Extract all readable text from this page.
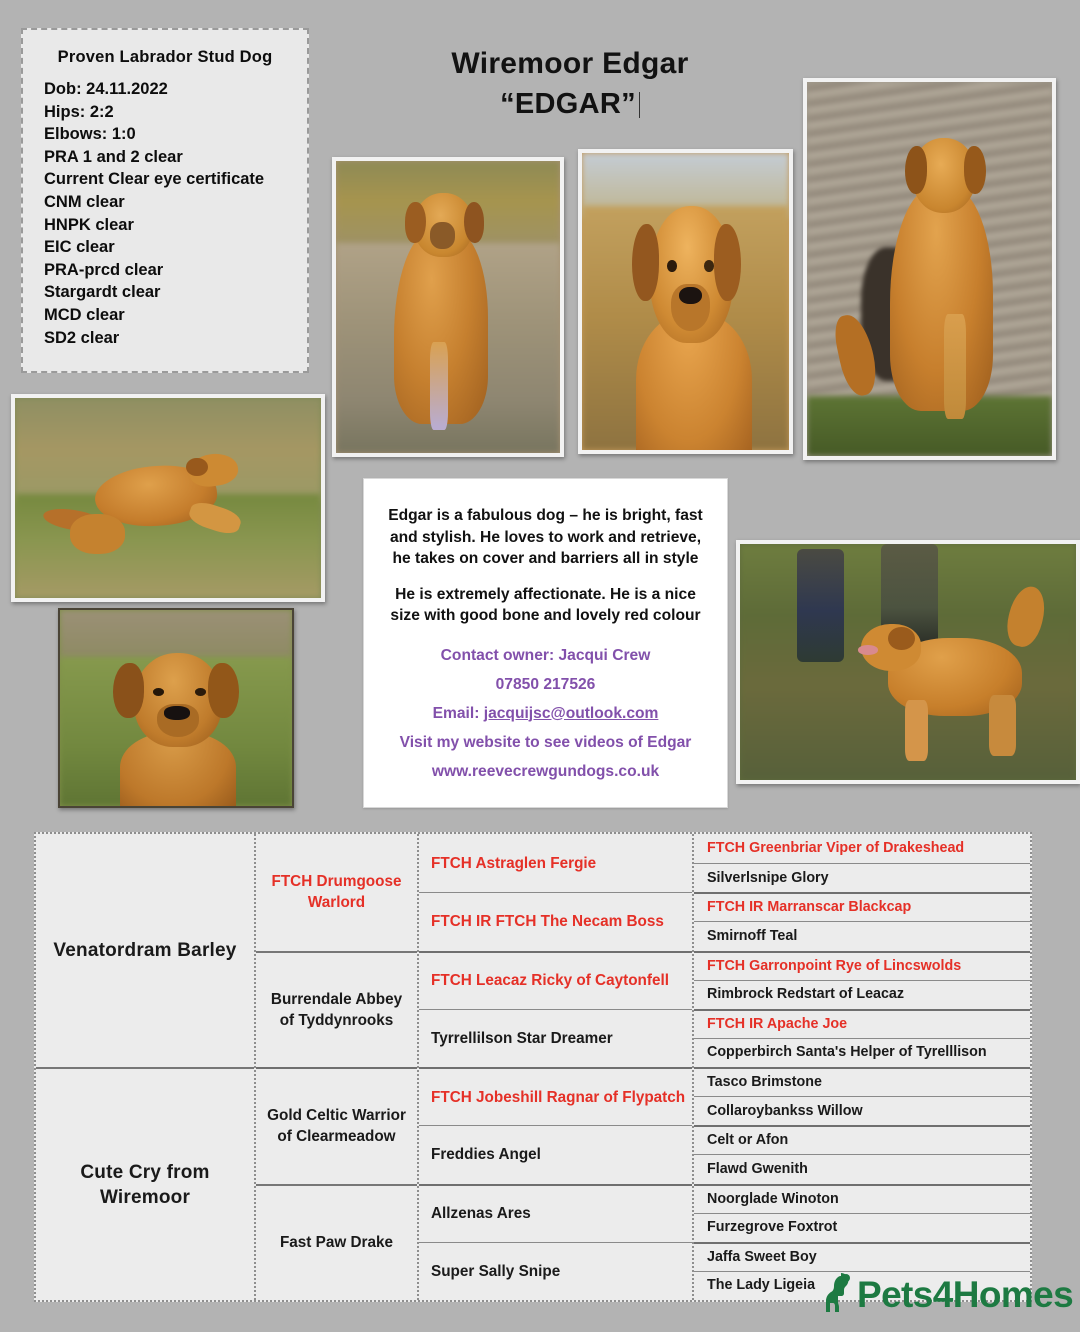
Proven Labrador Stud Dog
Dob: 24.11.2022
Hips: 2:2
Elbows: 1:0
PRA 1 and 2 clear
Current Clear eye certificate
CNM clear
HNPK clear
EIC clear
PRA-prcd clear
Stargardt clear
MCD clear
SD2 clear
Wiremoor Edgar
“EDGAR”
Edgar is a fabulous dog – he is bright, fast and stylish. He loves to work and retrieve, he takes on cover and barriers all in style
He is extremely affectionate. He is a nice size with good bone and lovely red colour
Contact owner: Jacqui Crew
07850 217526
Email: jacquijsc@outlook.com
Visit my website to see videos of Edgar
www.reevecrewgundogs.co.uk
Venatordram Barley
Cute Cry from Wiremoor
FTCH Drumgoose Warlord
Burrendale Abbey of Tyddynrooks
Gold Celtic Warrior of Clearmeadow
Fast Paw Drake
FTCH Astraglen Fergie
FTCH IR FTCH The Necam Boss
FTCH Leacaz Ricky of Caytonfell
Tyrrellilson Star Dreamer
FTCH Jobeshill Ragnar of Flypatch
Freddies Angel
Allzenas Ares
Super Sally Snipe
FTCH Greenbriar Viper of Drakeshead
Silverlsnipe Glory
FTCH IR Marranscar Blackcap
Smirnoff Teal
FTCH Garronpoint Rye of Lincswolds
Rimbrock Redstart of Leacaz
FTCH IR Apache Joe
Copperbirch Santa's Helper of Tyrelllison
Tasco Brimstone
Collaroybankss Willow
Celt or Afon
Flawd Gwenith
Noorglade Winoton
Furzegrove Foxtrot
Jaffa Sweet Boy
The Lady Ligeia Pets4Homes
